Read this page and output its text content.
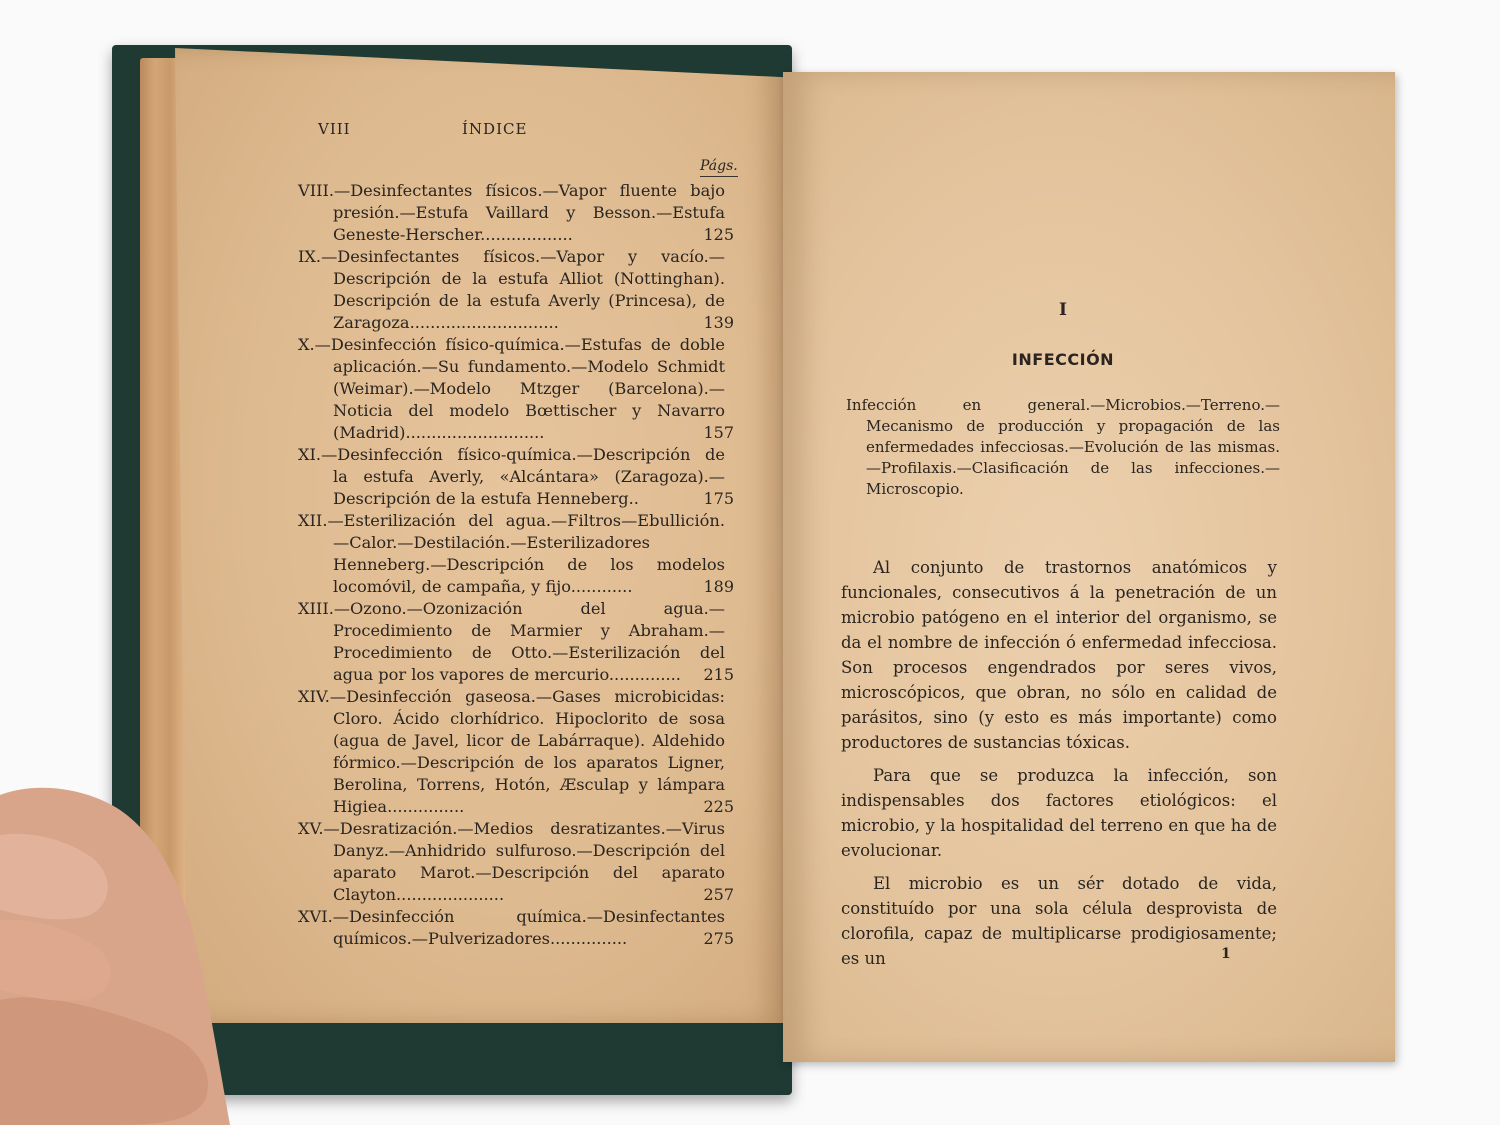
VIII	ÍNDICE
Págs.
VIII.—Desinfectantes físicos.—Vapor fluente bajo presión.—Estufa Vaillard y Besson.—Estufa Geneste-Herscher..................	125
IX.—Desinfectantes físicos.—Vapor y vacío.—Descripción de la estufa Alliot (Nottinghan). Descripción de la estufa Averly (Princesa), de Zaragoza.............................	139
X.—Desinfección físico-química.—Estufas de doble aplicación.—Su fundamento.—Modelo Schmidt (Weimar).—Modelo Mtzger (Barcelona).—Noticia del modelo Bœttischer y Navarro (Madrid)...........................	157
XI.—Desinfección físico-química.—Descripción de la estufa Averly, «Alcántara» (Zaragoza).—Descripción de la estufa Henneberg..	175
XII.—Esterilización del agua.—Filtros—Ebullición.—Calor.—Destilación.—Esterilizadores Henneberg.—Descripción de los modelos locomóvil, de campaña, y fijo............	189
XIII.—Ozono.—Ozonización del agua.—Procedimiento de Marmier y Abraham.—Procedimiento de Otto.—Esterilización del agua por los vapores de mercurio..............	215
XIV.—Desinfección gaseosa.—Gases microbicidas: Cloro. Ácido clorhídrico. Hipoclorito de sosa (agua de Javel, licor de Labárraque). Aldehido fórmico.—Descripción de los aparatos Ligner, Berolina, Torrens, Hotón, Æsculap y lámpara Higiea...............	225
XV.—Desratización.—Medios desratizantes.—Virus Danyz.—Anhidrido sulfuroso.—Descripción del aparato Marot.—Descripción del aparato Clayton.....................	257
XVI.—Desinfección química.—Desinfectantes químicos.—Pulverizadores...............	275
I
INFECCIÓN
Infección en general.—Microbios.—Terreno.—Mecanismo de producción y propagación de las enfermedades infecciosas.—Evolución de las mismas.—Profilaxis.—Clasificación de las infecciones.—Microscopio.

Al conjunto de trastornos anatómicos y funcionales, consecutivos á la penetración de un microbio patógeno en el interior del organismo, se da el nombre de infección ó enfermedad infecciosa. Son procesos engendrados por seres vivos, microscópicos, que obran, no sólo en calidad de parásitos, sino (y esto es más importante) como productores de sustancias tóxicas.

Para que se produzca la infección, son indispensables dos factores etiológicos: el microbio, y la hospitalidad del terreno en que ha de evolucionar.

El microbio es un sér dotado de vida, constituído por una sola célula desprovista de clorofila, capaz de multiplicarse prodigiosamente; es un	1
